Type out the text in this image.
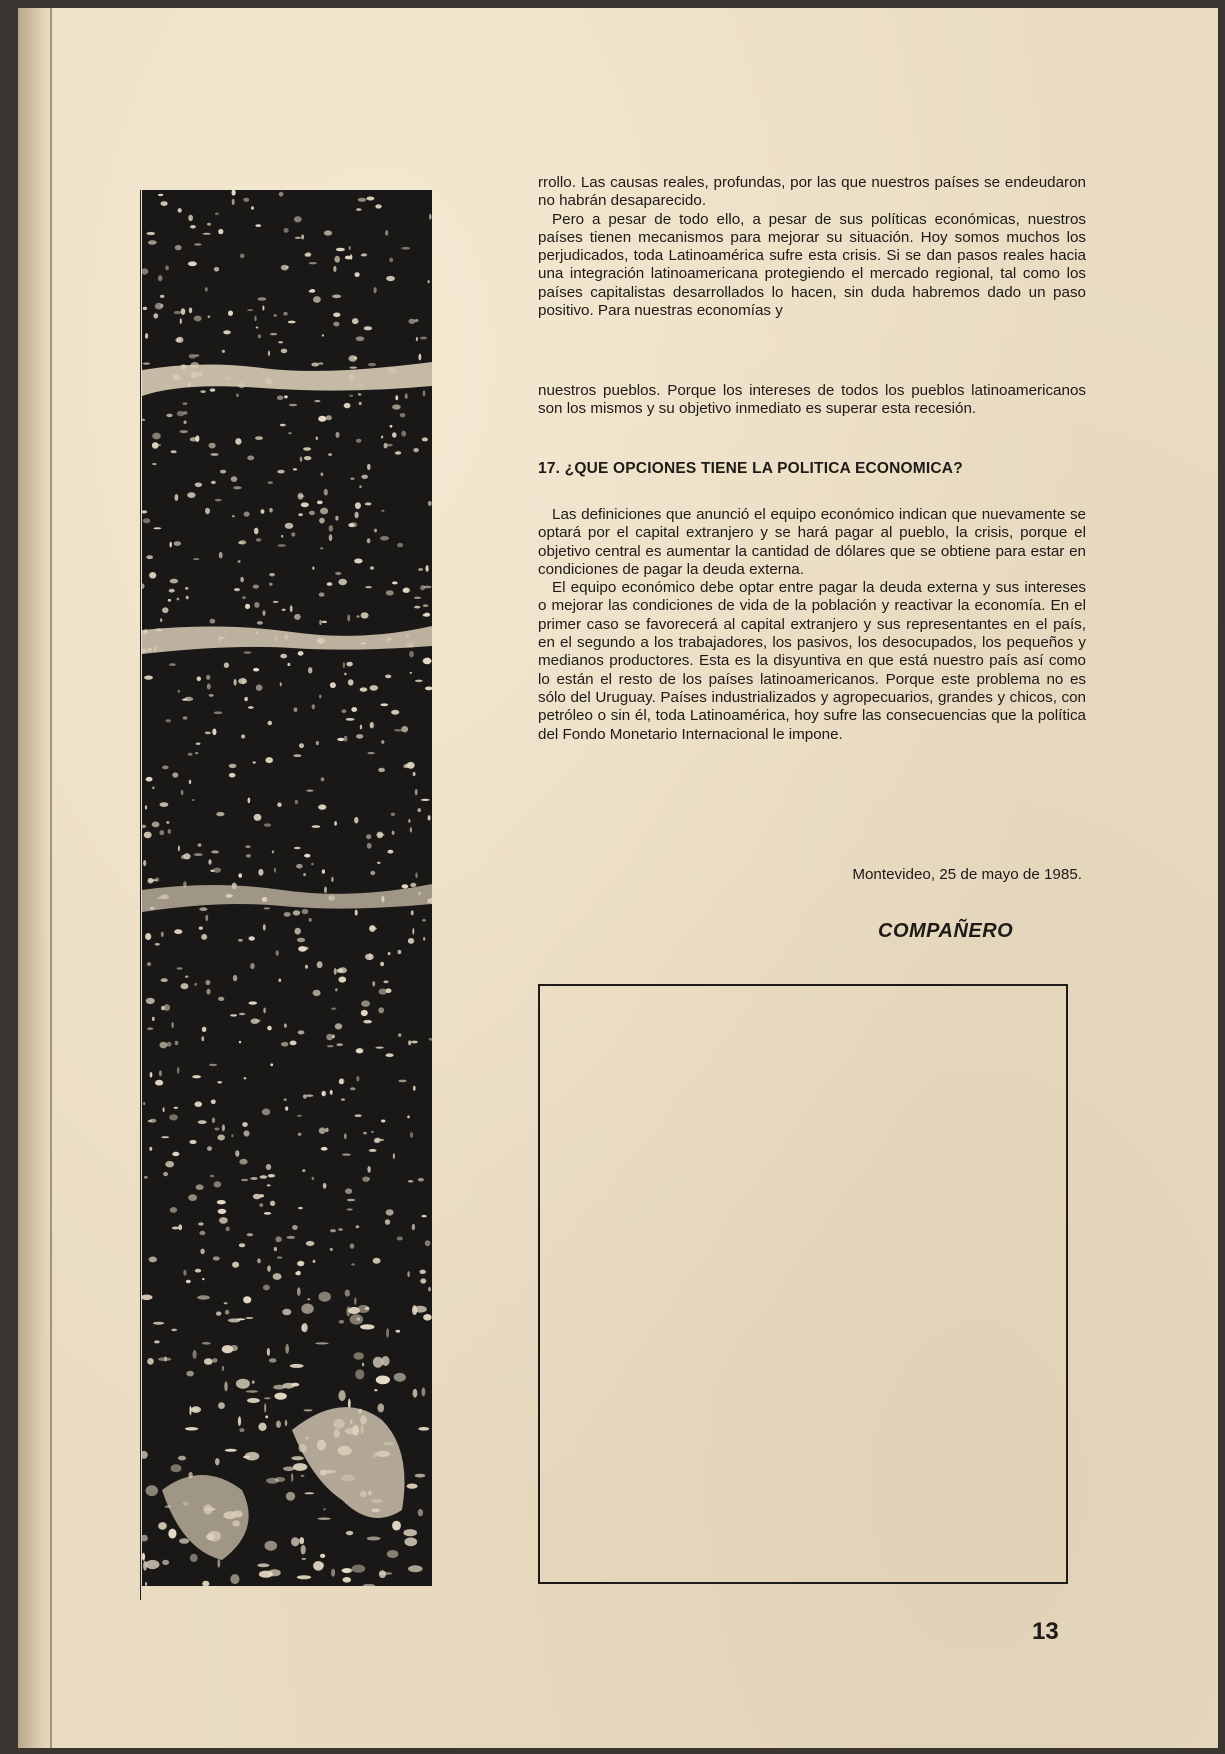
rrollo. Las causas reales, profundas, por las que nuestros países se endeudaron no habrán desaparecido.

Pero a pesar de todo ello, a pesar de sus políticas económicas, nuestros países tienen mecanismos para mejorar su situación. Hoy somos muchos los perjudicados, toda Latinoamérica sufre esta crisis. Si se dan pasos reales hacia una integración latinoamericana protegiendo el mercado regional, tal como los países capitalistas desarrollados lo hacen, sin duda habremos dado un paso positivo. Para nuestras economías y

nuestros pueblos. Porque los intereses de todos los pueblos latinoamericanos son los mismos y su objetivo inmediato es superar esta recesión.

17. ¿QUE OPCIONES TIENE LA POLITICA ECONOMICA?

Las definiciones que anunció el equipo económico indican que nuevamente se optará por el capital extranjero y se hará pagar al pueblo, la crisis, porque el objetivo central es aumentar la cantidad de dólares que se obtiene para estar en condiciones de pagar la deuda externa.

El equipo económico debe optar entre pagar la deuda externa y sus intereses o mejorar las condiciones de vida de la población y reactivar la economía. En el primer caso se favorecerá al capital extranjero y sus representantes en el país, en el segundo a los trabajadores, los pasivos, los desocupados, los pequeños y medianos productores. Esta es la disyuntiva en que está nuestro país así como lo están el resto de los países latinoamericanos. Porque este problema no es sólo del Uruguay. Países industrializados y agropecuarios, grandes y chicos, con petróleo o sin él, toda Latinoamérica, hoy sufre las consecuencias que la política del Fondo Monetario Internacional le impone.

Montevideo, 25 de mayo de 1985.
COMPAÑERO
13
